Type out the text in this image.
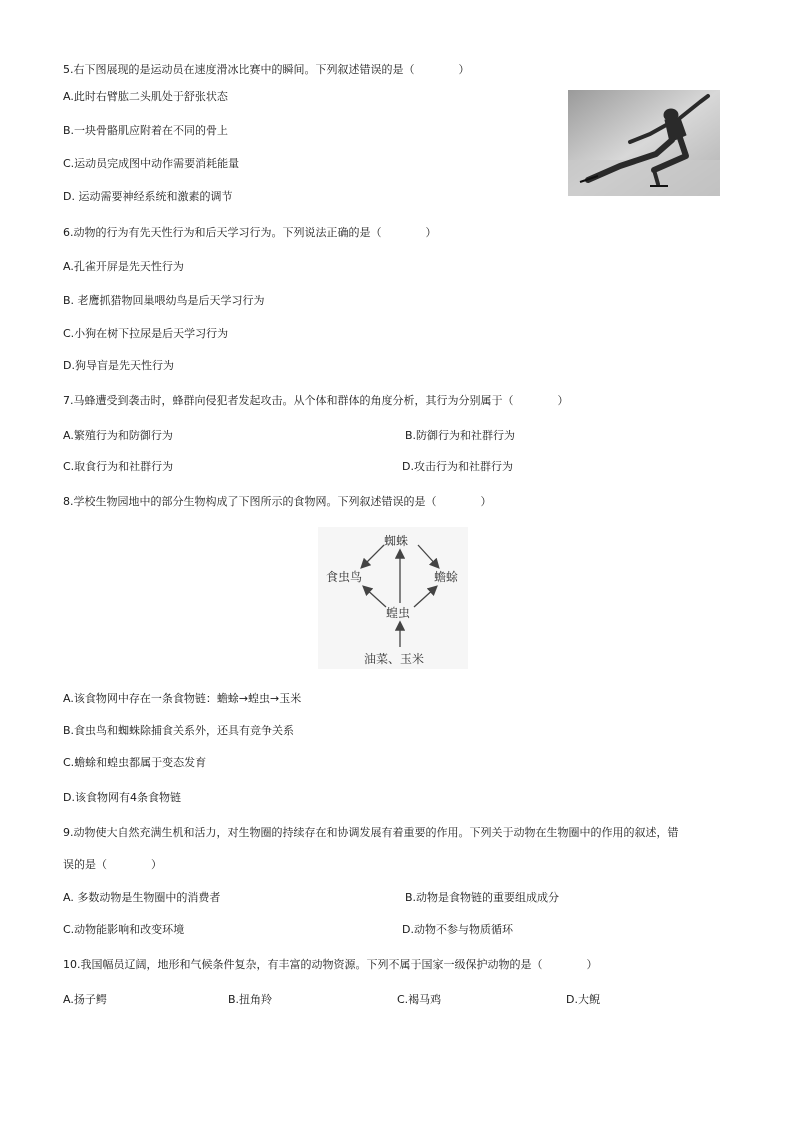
5.右下图展现的是运动员在速度滑冰比赛中的瞬间。下列叙述错误的是（	）
A.此时右臂肱二头肌处于舒张状态
B.一块骨骼肌应附着在不同的骨上
C.运动员完成图中动作需要消耗能量
D. 运动需要神经系统和激素的调节
6.动物的行为有先天性行为和后天学习行为。下列说法正确的是（	）
A.孔雀开屏是先天性行为
B. 老鹰抓猎物回巢喂幼鸟是后天学习行为
C.小狗在树下拉尿是后天学习行为
D.狗导盲是先天性行为
7.马蜂遭受到袭击时，蜂群向侵犯者发起攻击。从个体和群体的角度分析，其行为分别属于（	）
A.繁殖行为和防御行为	B.防御行为和社群行为
C.取食行为和社群行为	D.攻击行为和社群行为
8.学校生物园地中的部分生物构成了下图所示的食物网。下列叙述错误的是（	）
蜘蛛
食虫鸟	蟾蜍
蝗虫
油菜、玉米
A.该食物网中存在一条食物链：蟾蜍→蝗虫→玉米
B.食虫鸟和蜘蛛除捕食关系外，还具有竞争关系
C.蟾蜍和蝗虫都属于变态发育
D.该食物网有4条食物链
9.动物使大自然充满生机和活力，对生物圈的持续存在和协调发展有着重要的作用。下列关于动物在生物圈中的作用的叙述，错
误的是（	）
A. 多数动物是生物圈中的消费者	B.动物是食物链的重要组成成分
C.动物能影响和改变环境	D.动物不参与物质循环
10.我国幅员辽阔，地形和气候条件复杂，有丰富的动物资源。下列不属于国家一级保护动物的是（	）
A.扬子鳄	B.扭角羚	C.褐马鸡	D.大鲵
